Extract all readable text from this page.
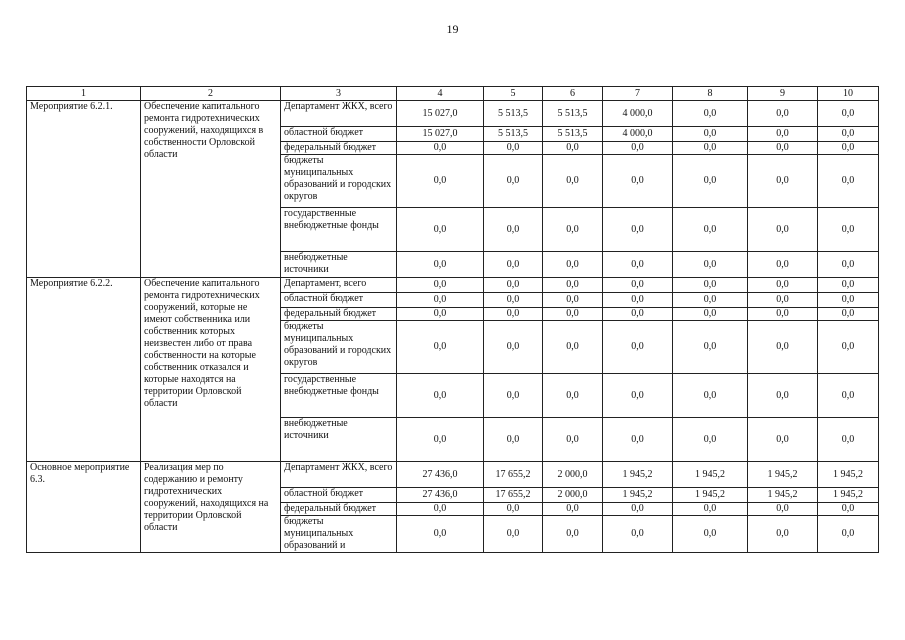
19
1	2	3	4	5	6	7	8	9	10
Мероприятие 6.2.1.	Обеспечение капитального ремонта гидротехнических сооружений, находящихся в собственности Орловской области	Департамент ЖКХ, всего	15 027,0	5 513,5	5 513,5	4 000,0	0,0	0,0	0,0
		областной бюджет	15 027,0	5 513,5	5 513,5	4 000,0	0,0	0,0	0,0
		федеральный бюджет	0,0	0,0	0,0	0,0	0,0	0,0	0,0
		бюджеты муниципальных образований и городских округов	0,0	0,0	0,0	0,0	0,0	0,0	0,0
		государственные внебюджетные фонды	0,0	0,0	0,0	0,0	0,0	0,0	0,0
		внебюджетные источники	0,0	0,0	0,0	0,0	0,0	0,0	0,0
Мероприятие 6.2.2.	Обеспечение капитального ремонта гидротехнических сооружений, которые не имеют собственника или собственник которых неизвестен либо от права собственности на которые собственник отказался и которые находятся на территории Орловской области	Департамент, всего	0,0	0,0	0,0	0,0	0,0	0,0	0,0
		областной бюджет	0,0	0,0	0,0	0,0	0,0	0,0	0,0
		федеральный бюджет	0,0	0,0	0,0	0,0	0,0	0,0	0,0
		бюджеты муниципальных образований и городских округов	0,0	0,0	0,0	0,0	0,0	0,0	0,0
		государственные внебюджетные фонды	0,0	0,0	0,0	0,0	0,0	0,0	0,0
		внебюджетные источники	0,0	0,0	0,0	0,0	0,0	0,0	0,0
Основное мероприятие 6.3.	Реализация мер по содержанию и ремонту гидротехнических сооружений, находящихся на территории Орловской области	Департамент ЖКХ, всего	27 436,0	17 655,2	2 000,0	1 945,2	1 945,2	1 945,2	1 945,2
		областной бюджет	27 436,0	17 655,2	2 000,0	1 945,2	1 945,2	1 945,2	1 945,2
		федеральный бюджет	0,0	0,0	0,0	0,0	0,0	0,0	0,0
		бюджеты муниципальных образований и	0,0	0,0	0,0	0,0	0,0	0,0	0,0
